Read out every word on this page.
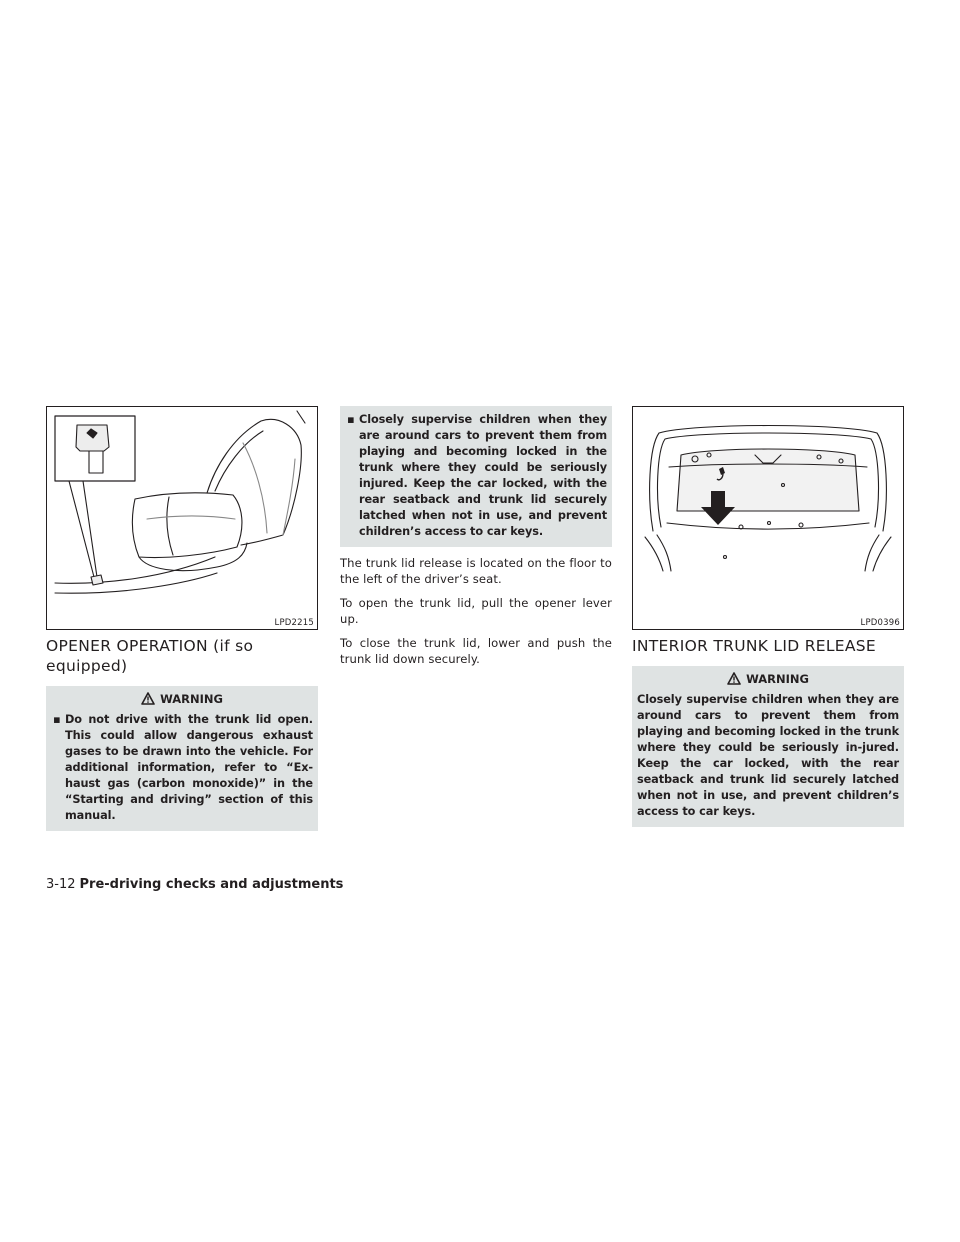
LPD2215
OPENER OPERATION (if so equipped)
WARNING
▪ Do not drive with the trunk lid open. This could allow dangerous exhaust gases to be drawn into the vehicle. For additional information, refer to “Ex-haust gas (carbon monoxide)” in the “Starting and driving” section of this manual.
▪ Closely supervise children when they are around cars to prevent them from playing and becoming locked in the trunk where they could be seriously injured. Keep the car locked, with the rear seatback and trunk lid securely latched when not in use, and prevent children’s access to car keys.

The trunk lid release is located on the floor to the left of the driver’s seat.

To open the trunk lid, pull the opener lever up.

To close the trunk lid, lower and push the trunk lid down securely.

LPD0396
INTERIOR TRUNK LID RELEASE
WARNING
Closely supervise children when they are around cars to prevent them from playing and becoming locked in the trunk where they could be seriously in-jured. Keep the car locked, with the rear seatback and trunk lid securely latched when not in use, and prevent children’s access to car keys.
3-12 Pre-driving checks and adjustments
